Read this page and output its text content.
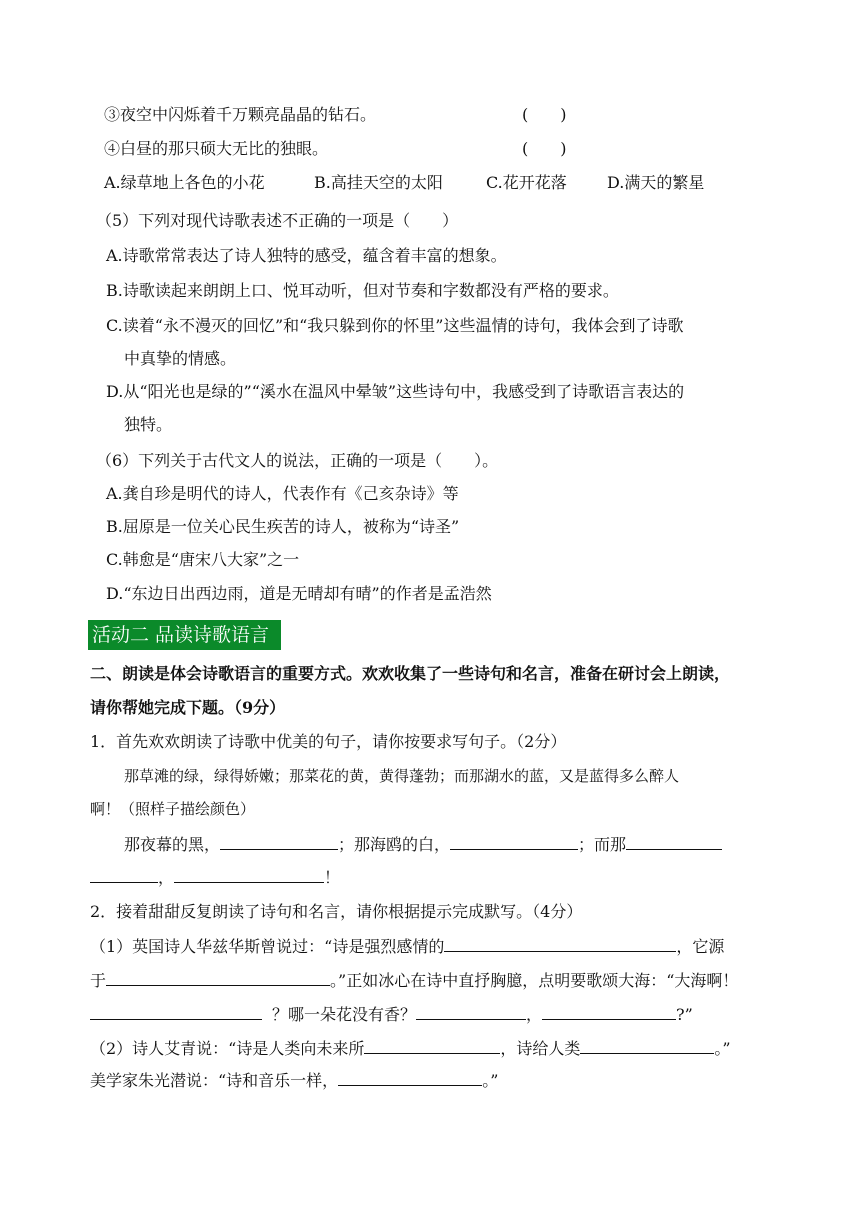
③夜空中闪烁着千万颗亮晶晶的钻石。	(　　)
④白昼的那只硕大无比的独眼。	(　　)
A.绿草地上各色的小花	B.高挂天空的太阳	C.花开花落	D.满天的繁星
（5）下列对现代诗歌表述不正确的一项是（　　）
A.诗歌常常表达了诗人独特的感受，蕴含着丰富的想象。
B.诗歌读起来朗朗上口、悦耳动听，但对节奏和字数都没有严格的要求。
C.读着“永不漫灭的回忆”和“我只躲到你的怀里”这些温情的诗句，我体会到了诗歌
中真挚的情感。
D.从“阳光也是绿的”“溪水在温风中晕皱”这些诗句中，我感受到了诗歌语言表达的
独特。
（6）下列关于古代文人的说法，正确的一项是（　　）。
A.龚自珍是明代的诗人，代表作有《己亥杂诗》等
B.屈原是一位关心民生疾苦的诗人，被称为“诗圣”
C.韩愈是“唐宋八大家”之一
D.“东边日出西边雨，道是无晴却有晴”的作者是孟浩然
活动二 品读诗歌语言
二、朗读是体会诗歌语言的重要方式。欢欢收集了一些诗句和名言，准备在研讨会上朗读，
请你帮她完成下题。（9分）
1．首先欢欢朗读了诗歌中优美的句子，请你按要求写句子。（2分）
那草滩的绿，绿得娇嫩；那菜花的黄，黄得蓬勃；而那湖水的蓝，又是蓝得多么醉人
啊！（照样子描绘颜色）
那夜幕的黑，	；那海鸥的白，	；而那
，	！
2．接着甜甜反复朗读了诗句和名言，请你根据提示完成默写。（4分）
（1）英国诗人华兹华斯曾说过：“诗是强烈感情的	，它源
于	。”正如冰心在诗中直抒胸臆，点明要歌颂大海：“大海啊！
？哪一朵花没有香？	，	?”
（2）诗人艾青说：“诗是人类向未来所	，诗给人类	。”
美学家朱光潜说：“诗和音乐一样，	。”
